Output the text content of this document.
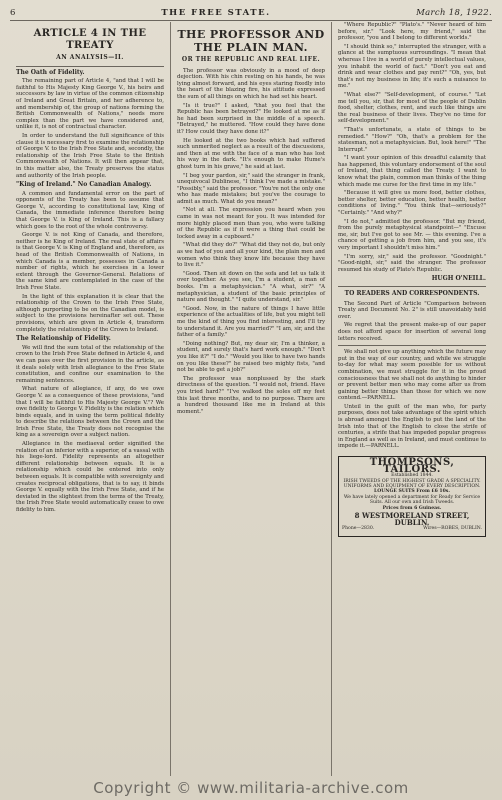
6	THE FREE STATE.	March 18, 1922.
ARTICLE 4 IN THE TREATY
AN ANALYSIS—II.
The Oath of Fidelity.

The remaining part of Article 4, "and that I will be faithful to His Majesty King George V., his heirs and successors by law in virtue of the common citizenship of Ireland and Great Britain, and her adherence to, and membership of, the group of nations forming the British Commonwealth of Nations," needs more complex than the part we have considered and, unlike it, is not of contractual character.

In order to understand the full significance of this clause it is necessary first to examine the relationship of George V. to the Irish Free State and, secondly, the relationship of the Irish Free State to the British Commonwealth of Nations. It will then appear that, in this matter also, the Treaty preserves the status and authority of the Irish people.

"King of Ireland." No Canadian Analogy.

A common and fundamental error on the part of opponents of the Treaty has been to assume that George V., according to constitutional law, King of Canada, the immediate inference therefore being that George V. is King of Ireland. This is a fallacy which goes to the root of the whole controversy.

George V. is not King of Canada, and therefore, neither is he King of Ireland. The real state of affairs is that George V. is King of England and, therefore, as head of the British Commonwealth of Nations, in which Canada is a member, possesses in Canada a number of rights, which he exercises in a lower extent through the Governor-General. Relations of the same kind are contemplated in the case of the Irish Free State.

In the light of this explanation it is clear that the relationship of the Crown to the Irish Free State, although purporting to be on the Canadian model, is subject to the provisions hereinafter set out. These provisions, which are given in Article 4, transform completely the relationship of the Crown to Ireland.

The Relationship of Fidelity.

We will find the sum total of the relationship of the crown to the Irish Free State defined in Article 4, and we can pass over the first provision in the article, as it deals solely with Irish allegiance to the Free State constitution, and confine our examination to the remaining sentences.

What nature of allegiance, if any, do we owe George V. as a consequence of these provisions, "and that I will be faithful to His Majesty George V."? We owe fidelity to George V. Fidelity is the relation which binds equals, and in using the term political fidelity to describe the relations between the Crown and the Irish Free State, the Treaty does not recognise the king as a sovereign over a subject nation.

Allegiance in the mediaeval order signified the relation of an inferior with a superior, of a vassal with his liege-lord. Fidelity represents an altogether different relationship between equals. It is a relationship which could be entered into only between equals. It is compatible with sovereignty and creates reciprocal obligations, that is to say, it binds George V. equally with the Irish Free State, and if he deviated in the slightest from the terms of the Treaty, the Irish Free State would automatically cease to owe fidelity to him.

THE PROFESSOR AND THE PLAIN MAN.
OR THE REPUBLIC AND REAL LIFE.

The professor was obviously in a mood of deep dejection. With his chin resting on his hands, he was lying almost forward, and his eyes staring fixedly into the heart of the blazing fire, his attitude expressed the sum of all things on which he had set his heart.

"Is it true?" I asked, "that you feel that the Republic has been betrayed?" He looked at me as if he had been surprised in the middle of a speech. "Betrayed," he muttered. "How could they have done it? How could they have done it?"

He looked at the two books which had suffered such unmerited neglect as a result of the discussions, and then at me with the face of a man who has lost his way in the dark. "It's enough to make Hume's ghost turn in his grave," he said at last.

"I beg your pardon, sir," said the stranger in frank, unequivocal Dublinese, "I think I've made a mistake." "Possibly," said the professor. "You're not the only one who has made mistakes; but you've the courage to admit as much. What do you mean?"

"Not at all. The expression you heard when you came in was not meant for you. It was intended for more highly placed men than you, who were talking of the Republic as if it were a thing that could be locked away in a cupboard."

"What did they do?" "What did they not do, but only as we had of you and all your kind, the plain men and women who think they know life because they have to live it."

"Good. Then sit down on the sofa and let us talk it over together. As you see, I'm a student, a man of books. I'm a metaphysician." "A what, sir?" "A metaphysician, a student of the basic principles of nature and thought." "I quite understand, sir."

"Good. Now, in the nature of things I have little experience of the actualities of life, but you might tell me the kind of thing you find interesting, and I'll try to understand it. Are you married?" "I am, sir, and the father of a family."

"Doing nothing? But, my dear sir, I'm a thinker, a student, and surely that's hard work enough." "Don't you like it?" "I do." "Would you like to have two hands on you like these?" he raised two mighty fists, "and not be able to get a job?"

The professor was nonplussed by the stark directness of the question. "I would not, friend. Have you tried hard?" "I've walked the soles off my feet this last three months, and to no purpose. There are a hundred thousand like me in Ireland at this moment."

"Where Republic?" "Plato's." "Never heard of him before, sir." "Look here, my friend," said the professor, "you and I belong to different worlds."

"I should think so," interrupted the stranger, with a glance at the sumptuous surroundings. "I mean that whereas I live in a world of purely intellectual values, you inhabit the world of fact." "Don't you eat and drink and wear clothes and pay rent?" "Oh, yes, but that's not my business in life; it's such a nuisance to me."

"What else?" "Self-development, of course." "Let me tell you, sir, that for most of the people of Dublin food, shelter, clothes, rent, and such like things are the real business of their lives. They've no time for self-development."

"That's unfortunate, a state of things to be remedied." "How?" "Oh, that's a problem for the statesman, not a metaphysician. But, look here!" "The Interrupt."

"I want your opinion of this dreadful calamity that has happened, this voluntary endorsement of the soul of Ireland, that thing called the Treaty. I want to know what the plain, common man thinks of the thing which made me curse for the first time in my life."

"Because it will give us more food, better clothes, better shelter, better education, better health, better conditions of living." "You think that—seriously?" "Certainly." "And why?"

"I do not," admitted the professor. "But my friend, from the purely metaphysical standpoint—" "Excuse me, sir, but I've got to see Mr. — this evening. I've a chance of getting a job from him, and you see, it's very important I shouldn't miss him."

"I'm sorry, sir," said the professor. "Goodnight." "Good-night, sir," said the stranger. The professor resumed his study of Plato's Republic.

HUGH O'NEILL.
TO READERS AND CORRESPONDENTS.

The Second Part of Article "Comparison between Treaty and Document No. 2" is still unavoidably held over.

We regret that the present make-up of our paper does not afford space for insertion of several long letters received.

We shall not give up anything which the future may put in the way of our country, and while we struggle to-day for what may seem possible for us without combination, we must struggle for it in the proud consciousness that we shall not do anything to hinder or prevent better men who may come after us from gaining better things than those for which we now contend.—PARNELL.

Unteil in the guilt of the man who, for party purposes, does not take advantage of the spirit which is abroad amongst the English to put the land of the Irish into that of the English to close the strife of centuries, a strife that has impeded popular progress in England as well as in Ireland, and must continue to impede it.—PARNELL.

THOMPSONS, TAILORS.
Established 1844.
IRISH TWEEDS OF THE HIGHEST GRADE A SPECIALITY. UNIFORMS AND EQUIPMENT OF EVERY DESCRIPTION.
LOUNGE SUITS From £6 10s.
We have lately opened a department for Ready for Service Suits. All our own and Irish Tweeds.
Prices from 6 Guineas.
8 WESTMORELAND STREET, DUBLIN.
Phone—2830.	Wires—ROBES, DUBLIN.
Copyright © www.militaria-archive.com
